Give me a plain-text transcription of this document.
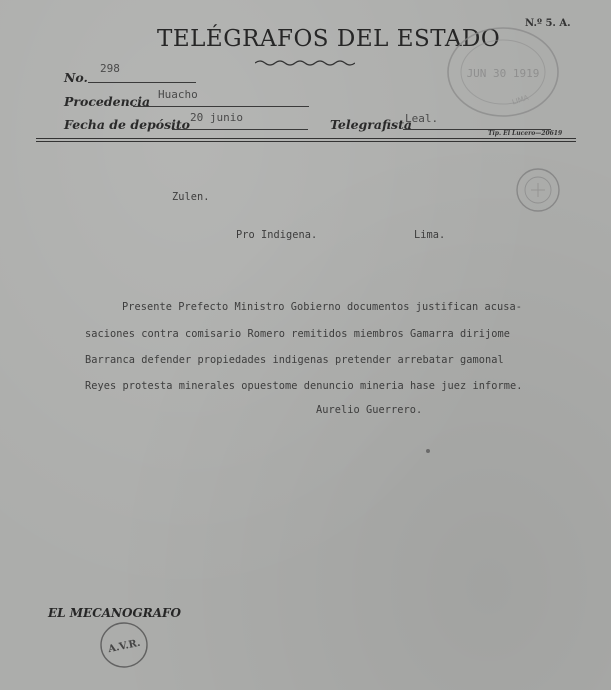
TELÉGRAFOS DEL ESTADO
N.º 5. A.
JUN 30 1919
LIMA
No.
298
Procedencia Huacho
Fecha de depósito 20 junio	Telegrafista
Leal.
Tip. El Lucero—20619
Zulen.
Pro Indigena.	Lima.
Presente Prefecto Ministro Gobierno documentos justifican acusa-
saciones contra comisario Romero remitidos miembros Gamarra dirijome
Barranca defender propiedades indigenas pretender arrebatar gamonal
Reyes protesta minerales opuestome denuncio mineria hase juez informe.
Aurelio Guerrero.
EL MECANOGRAFO
A.V.R.
